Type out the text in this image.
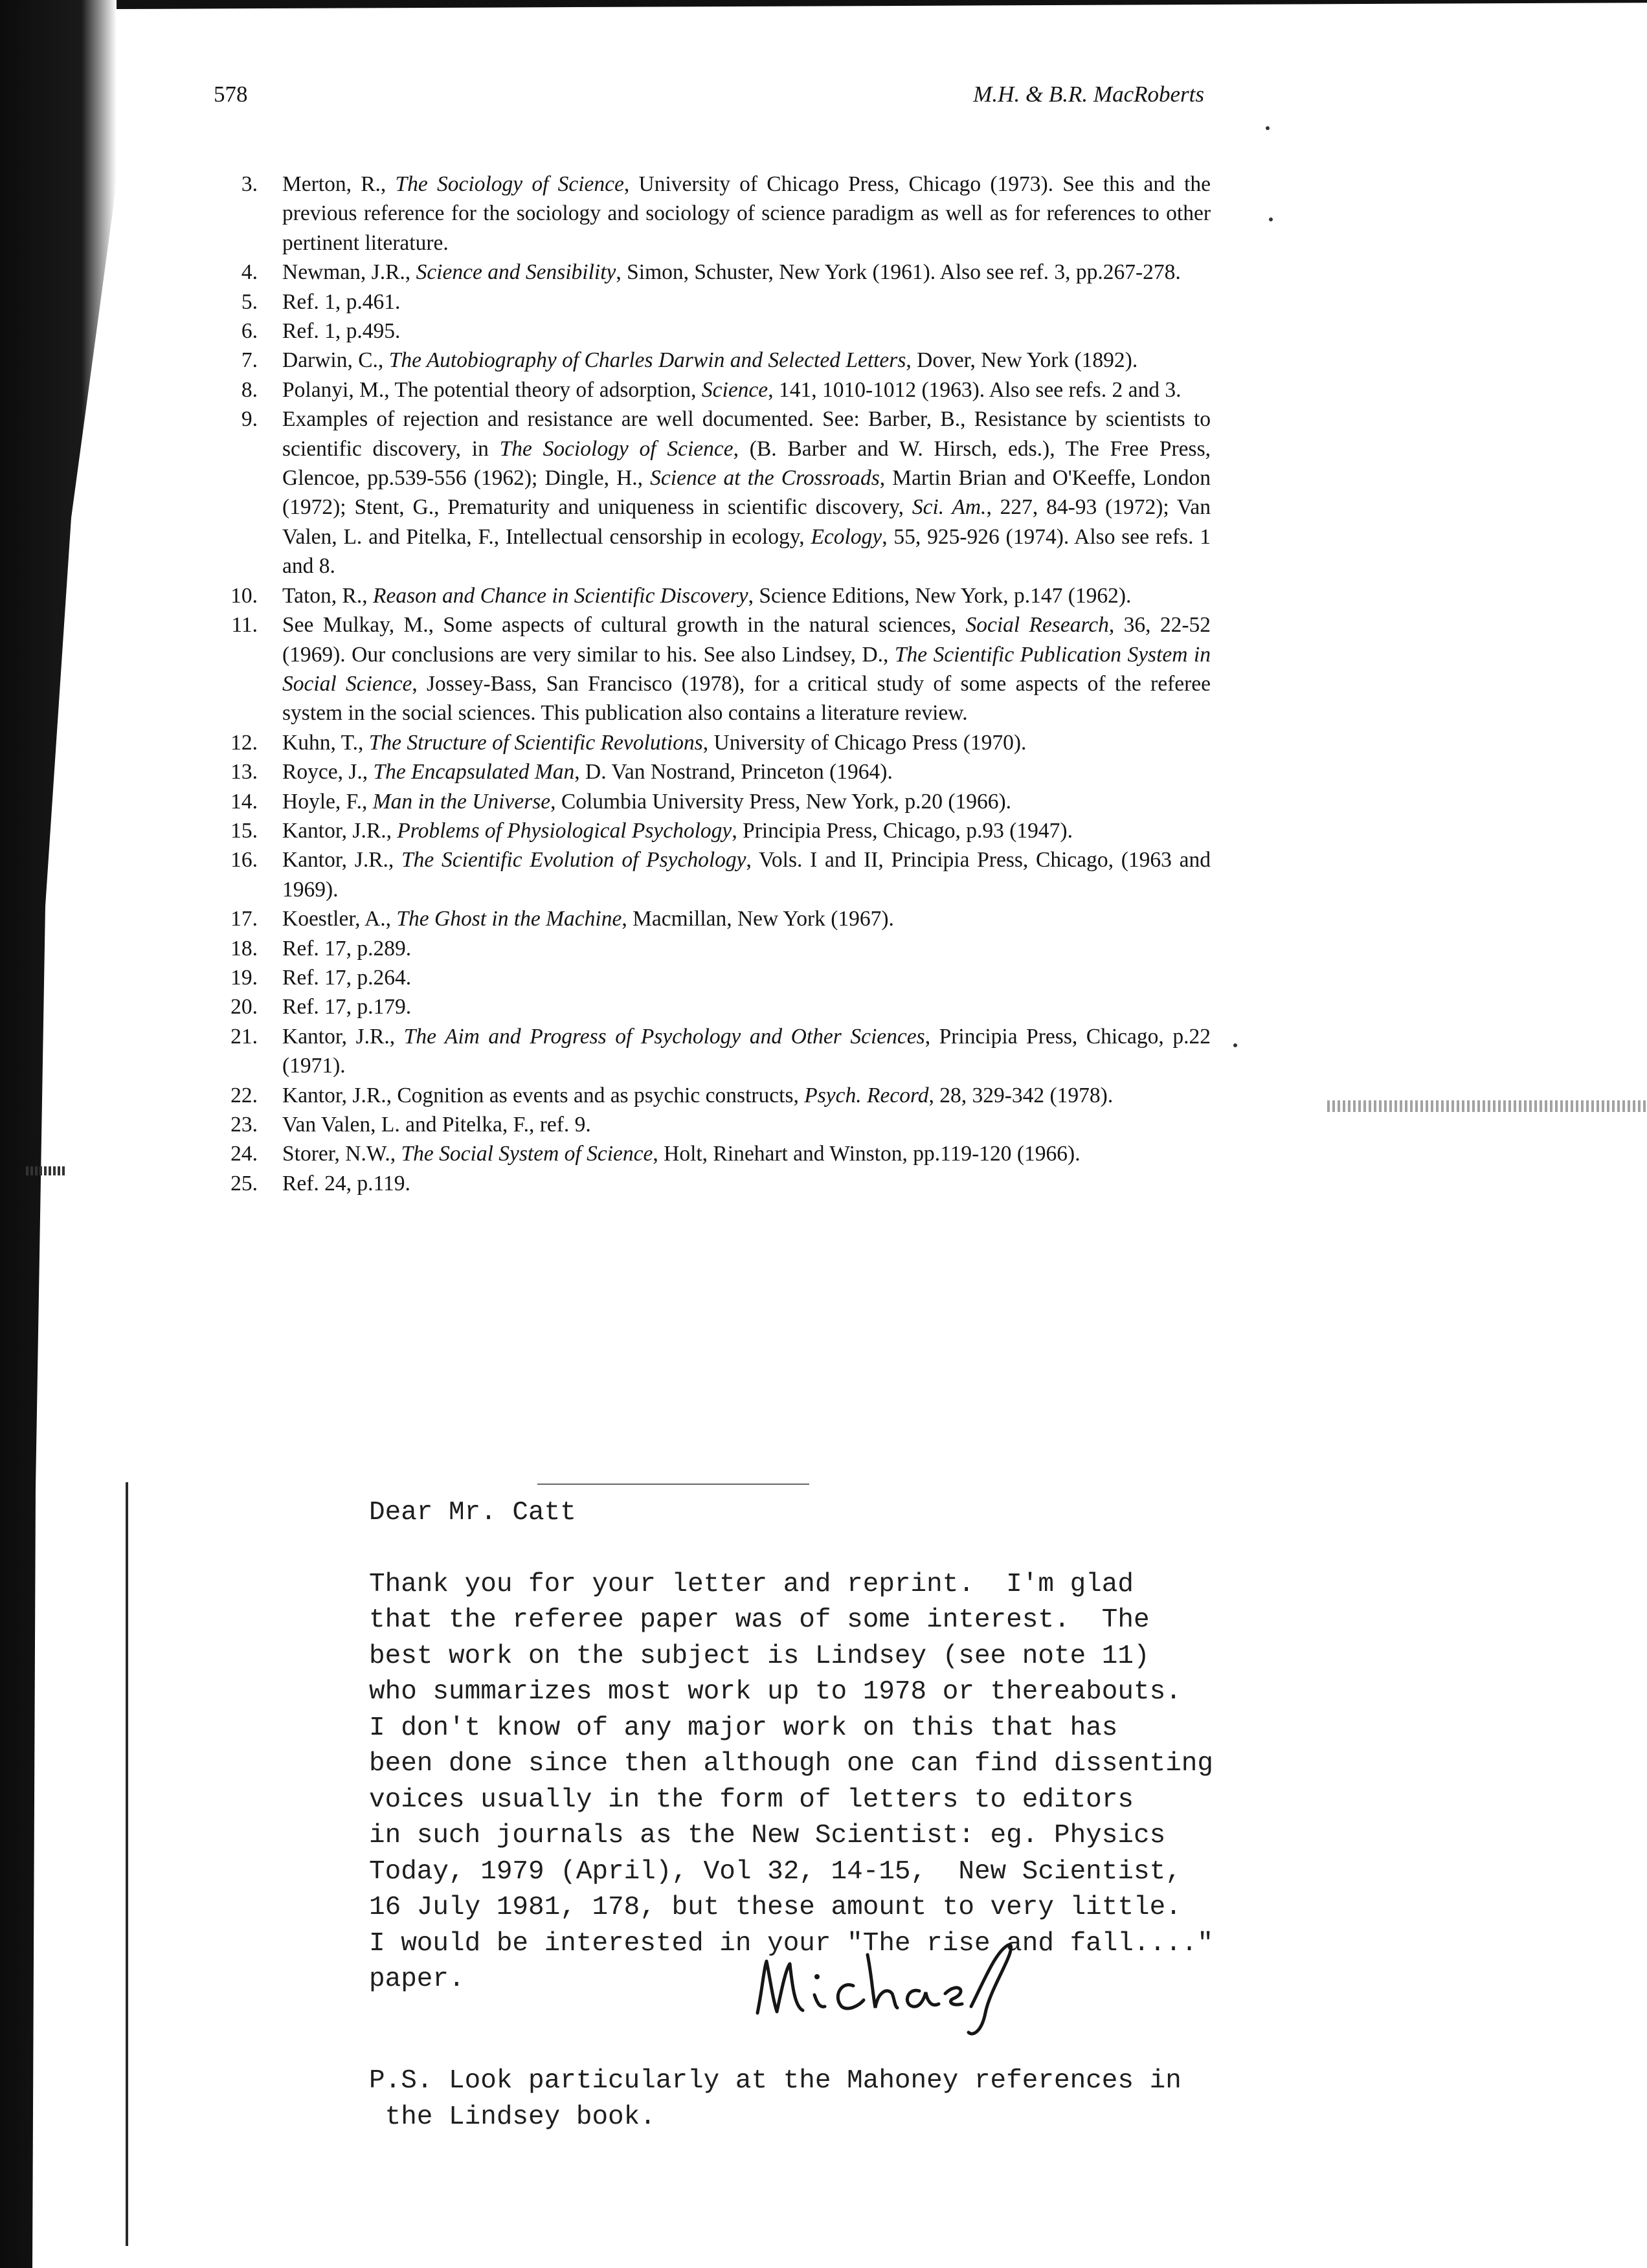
578	M.H. & B.R. MacRoberts
3. Merton, R., The Sociology of Science, University of Chicago Press, Chicago (1973). See this and the previous reference for the sociology and sociology of science paradigm as well as for references to other pertinent literature.
4. Newman, J.R., Science and Sensibility, Simon, Schuster, New York (1961). Also see ref. 3, pp.267-278.
5. Ref. 1, p.461.
6. Ref. 1, p.495.
7. Darwin, C., The Autobiography of Charles Darwin and Selected Letters, Dover, New York (1892).
8. Polanyi, M., The potential theory of adsorption, Science, 141, 1010-1012 (1963). Also see refs. 2 and 3.
9. Examples of rejection and resistance are well documented. See: Barber, B., Resistance by scientists to scientific discovery, in The Sociology of Science, (B. Barber and W. Hirsch, eds.), The Free Press, Glencoe, pp.539-556 (1962); Dingle, H., Science at the Crossroads, Martin Brian and O'Keeffe, London (1972); Stent, G., Prematurity and uniqueness in scientific discovery, Sci. Am., 227, 84-93 (1972); Van Valen, L. and Pitelka, F., Intellectual censorship in ecology, Ecology, 55, 925-926 (1974). Also see refs. 1 and 8.
10. Taton, R., Reason and Chance in Scientific Discovery, Science Editions, New York, p.147 (1962).
11. See Mulkay, M., Some aspects of cultural growth in the natural sciences, Social Research, 36, 22-52 (1969). Our conclusions are very similar to his. See also Lindsey, D., The Scientific Publication System in Social Science, Jossey-Bass, San Francisco (1978), for a critical study of some aspects of the referee system in the social sciences. This publication also contains a literature review.
12. Kuhn, T., The Structure of Scientific Revolutions, University of Chicago Press (1970).
13. Royce, J., The Encapsulated Man, D. Van Nostrand, Princeton (1964).
14. Hoyle, F., Man in the Universe, Columbia University Press, New York, p.20 (1966).
15. Kantor, J.R., Problems of Physiological Psychology, Principia Press, Chicago, p.93 (1947).
16. Kantor, J.R., The Scientific Evolution of Psychology, Vols. I and II, Principia Press, Chicago, (1963 and 1969).
17. Koestler, A., The Ghost in the Machine, Macmillan, New York (1967).
18. Ref. 17, p.289.
19. Ref. 17, p.264.
20. Ref. 17, p.179.
21. Kantor, J.R., The Aim and Progress of Psychology and Other Sciences, Principia Press, Chicago, p.22 (1971).
22. Kantor, J.R., Cognition as events and as psychic constructs, Psych. Record, 28, 329-342 (1978).
23. Van Valen, L. and Pitelka, F., ref. 9.
24. Storer, N.W., The Social System of Science, Holt, Rinehart and Winston, pp.119-120 (1966).
25. Ref. 24, p.119.

Dear Mr. Catt

Thank you for your letter and reprint.  I'm glad

that the referee paper was of some interest.  The

best work on the subject is Lindsey (see note 11)

who summarizes most work up to 1978 or thereabouts.

I don't know of any major work on this that has

been done since then although one can find dissenting

voices usually in the form of letters to editors

in such journals as the New Scientist: eg. Physics

Today, 1979 (April), Vol 32, 14-15,  New Scientist,

16 July 1981, 178, but these amount to very little.

I would be interested in your "The rise and fall...."

paper.

P.S. Look particularly at the Mahoney references in

the Lindsey book.
